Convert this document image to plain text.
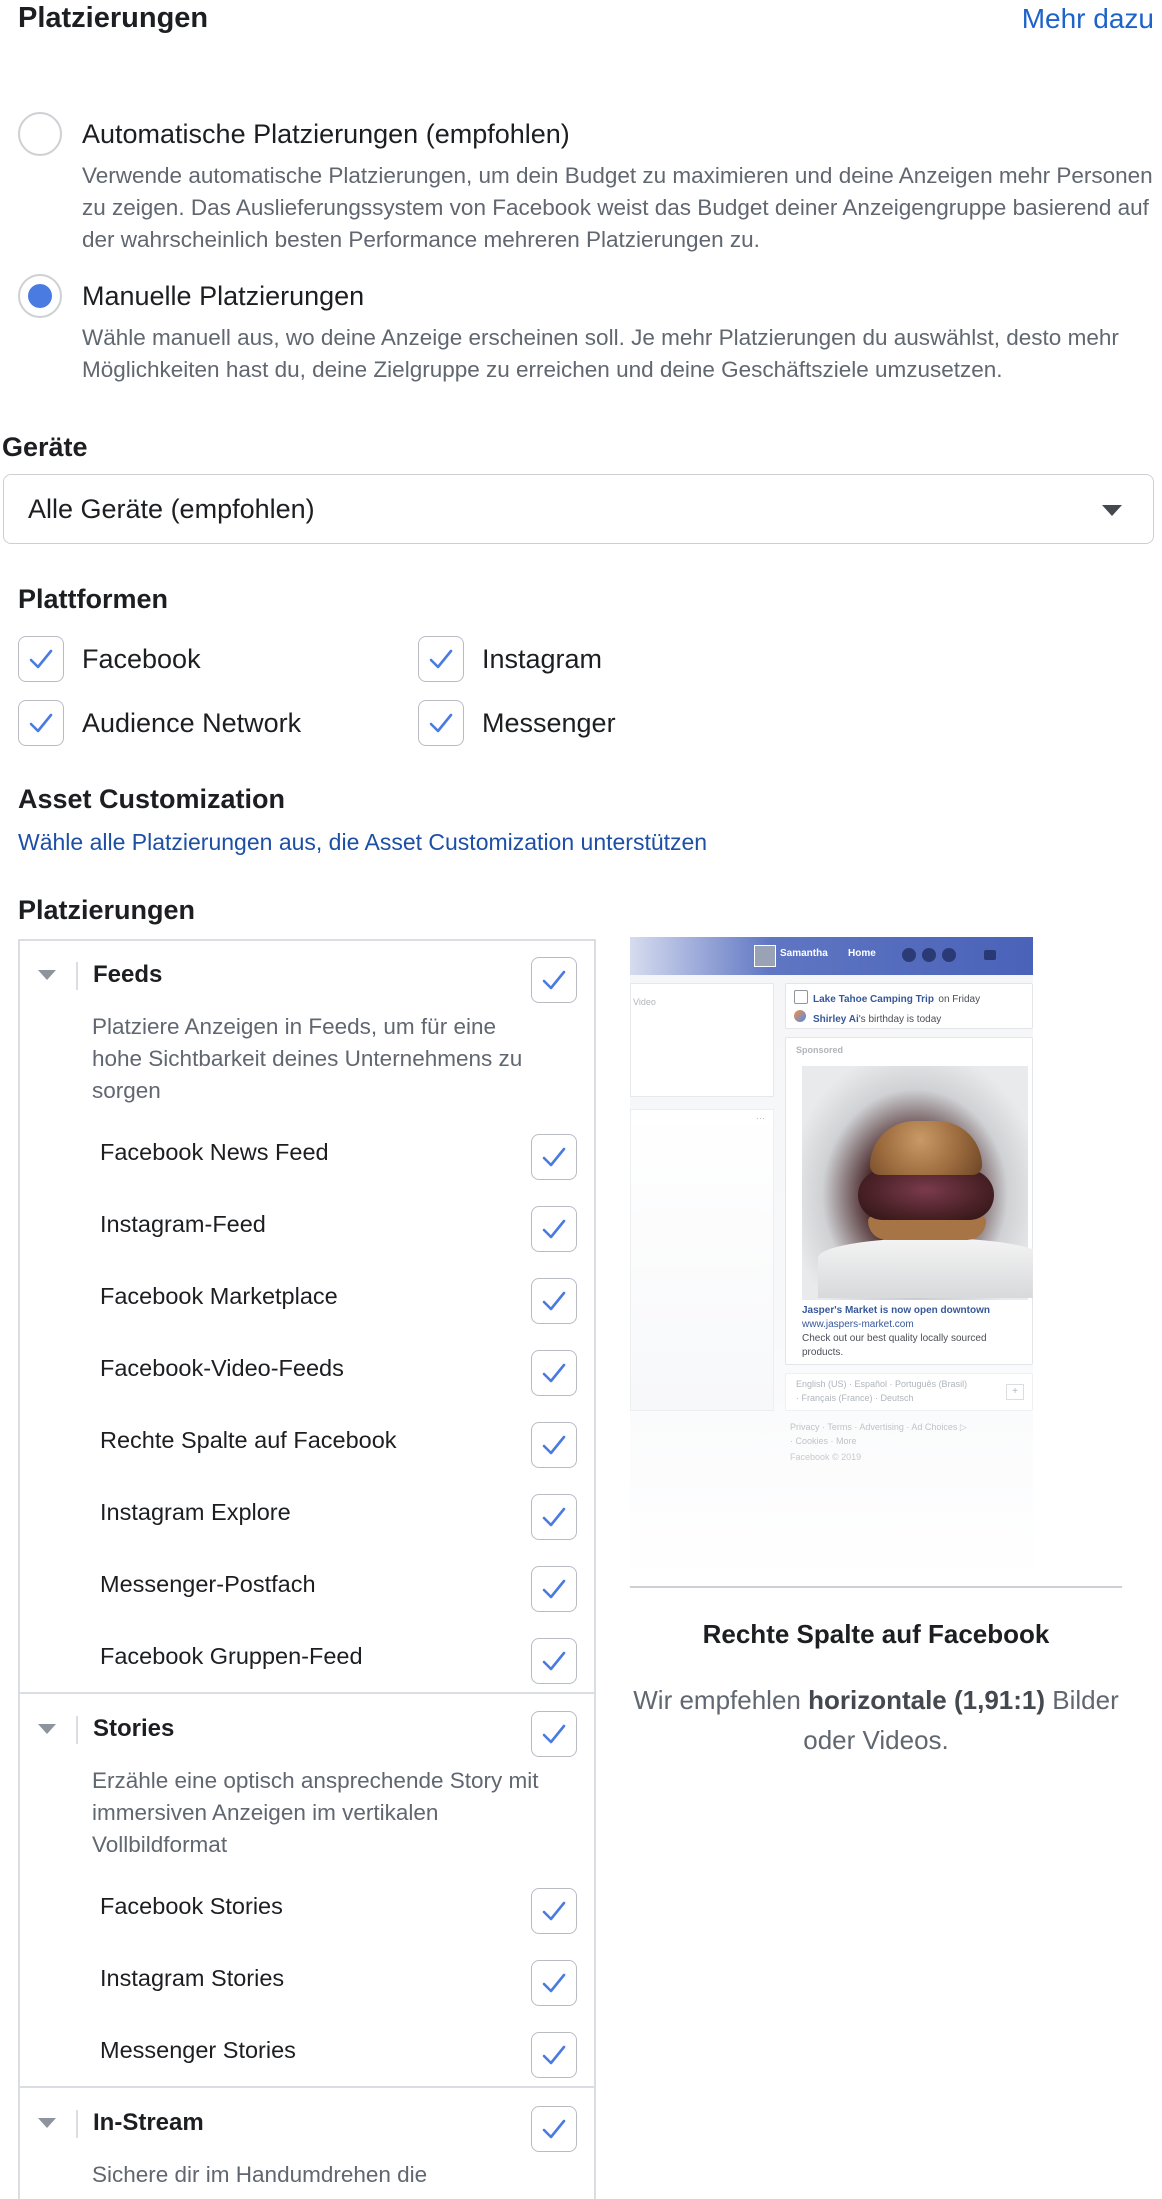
Platzierungen	Mehr dazu
Automatische Platzierungen (empfohlen)
Verwende automatische Platzierungen, um dein Budget zu maximieren und deine Anzeigen mehr Personen zu zeigen. Das Auslieferungssystem von Facebook weist das Budget deiner Anzeigengruppe basierend auf der wahrscheinlich besten Performance mehreren Platzierungen zu.
Manuelle Platzierungen
Wähle manuell aus, wo deine Anzeige erscheinen soll. Je mehr Platzierungen du auswählst, desto mehr Möglichkeiten hast du, deine Zielgruppe zu erreichen und deine Geschäftsziele umzusetzen.
Geräte
Alle Geräte (empfohlen)
Plattformen
Facebook	Instagram
Audience Network	Messenger
Asset Customization
Wähle alle Platzierungen aus, die Asset Customization unterstützen
Platzierungen
Feeds
Platziere Anzeigen in Feeds, um für eine hohe Sichtbarkeit deines Unternehmens zu sorgen
Facebook News Feed
Instagram-Feed
Facebook Marketplace
Facebook-Video-Feeds
Rechte Spalte auf Facebook
Instagram Explore
Messenger-Postfach
Facebook Gruppen-Feed
Stories
Erzähle eine optisch ansprechende Story mit immersiven Anzeigen im vertikalen Vollbildformat
Facebook Stories
Instagram Stories
Messenger Stories
In-Stream
Sichere dir im Handumdrehen die
Samantha Home
Video
···
Lake Tahoe Camping Trip on Friday
Shirley Ai's birthday is today
Sponsored
Jasper's Market is now open downtown
www.jaspers-market.com
Check out our best quality locally sourced products.
English (US) · Español · Português (Brasil)
· Français (France) · Deutsch
+
Privacy · Terms · Advertising · Ad Choices ▷
· Cookies · More
Facebook © 2019
Rechte Spalte auf Facebook
Wir empfehlen horizontale (1,91:1) Bilder oder Videos.
